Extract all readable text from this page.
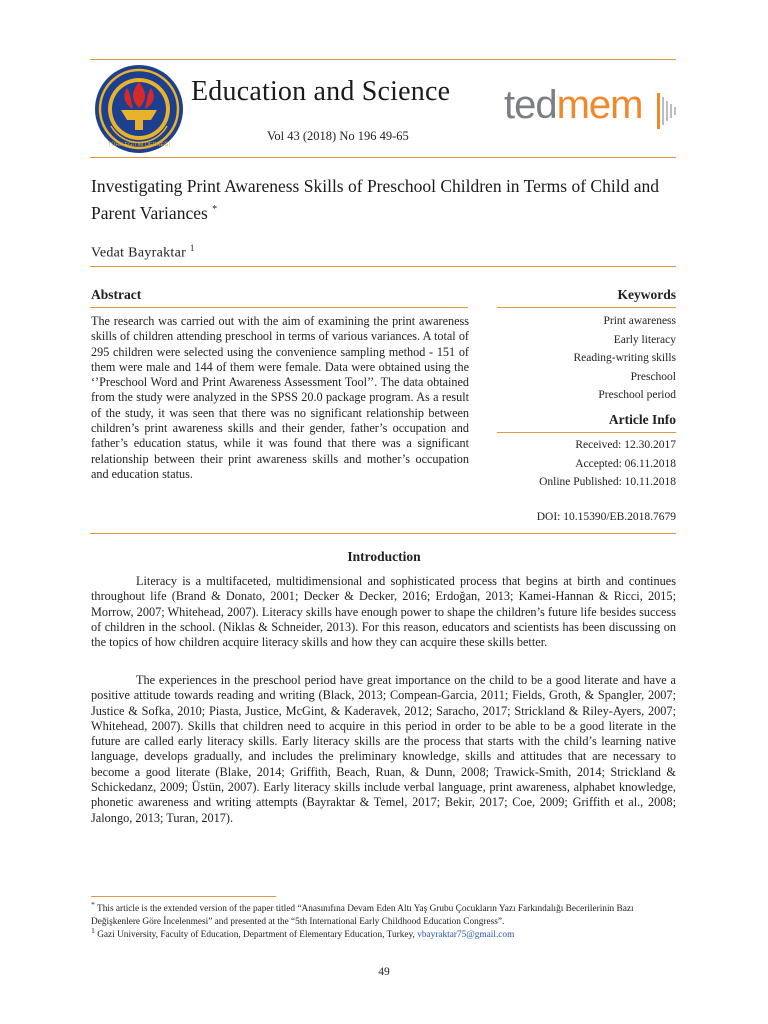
TÜRK EĞİTİM DERNEĞİ
Education and Science tedmem
Vol 43 (2018) No 196 49-65
Investigating Print Awareness Skills of Preschool Children in Terms of Child and Parent Variances *
Vedat Bayraktar $^1$
Abstract

The research was carried out with the aim of examining the print awareness skills of children attending preschool in terms of various variances. A total of 295 children were selected using the convenience sampling method - 151 of them were male and 144 of them were female. Data were obtained using the ‘’Preschool Word and Print Awareness Assessment Tool’’. The data obtained from the study were analyzed in the SPSS 20.0 package program. As a result of the study, it was seen that there was no significant relationship between children’s print awareness skills and their gender, father’s occupation and father’s education status, while it was found that there was a significant relationship between their print awareness skills and mother’s occupation and education status.

Keywords
Print awareness
Early literacy
Reading-writing skills
Preschool
Preschool period
Article Info
Received: 12.30.2017
Accepted: 06.11.2018
Online Published: 10.11.2018
DOI: 10.15390/EB.2018.7679
Introduction

Literacy is a multifaceted, multidimensional and sophisticated process that begins at birth and continues throughout life (Brand & Donato, 2001; Decker & Decker, 2016; Erdoğan, 2013; Kamei-Hannan & Ricci, 2015; Morrow, 2007; Whitehead, 2007). Literacy skills have enough power to shape the children’s future life besides success of children in the school. (Niklas & Schneider, 2013). For this reason, educators and scientists has been discussing on the topics of how children acquire literacy skills and how they can acquire these skills better.

The experiences in the preschool period have great importance on the child to be a good literate and have a positive attitude towards reading and writing (Black, 2013; Compean-Garcia, 2011; Fields, Groth, & Spangler, 2007; Justice & Sofka, 2010; Piasta, Justice, McGint, & Kaderavek, 2012; Saracho, 2017; Strickland & Riley-Ayers, 2007; Whitehead, 2007). Skills that children need to acquire in this period in order to be able to be a good literate in the future are called early literacy skills. Early literacy skills are the process that starts with the child’s learning native language, develops gradually, and includes the preliminary knowledge, skills and attitudes that are necessary to become a good literate (Blake, 2014; Griffith, Beach, Ruan, & Dunn, 2008; Trawick-Smith, 2014; Strickland & Schickedanz, 2009; Üstün, 2007). Early literacy skills include verbal language, print awareness, alphabet knowledge, phonetic awareness and writing attempts (Bayraktar & Temel, 2017; Bekir, 2017; Coe, 2009; Griffith et al., 2008; Jalongo, 2013; Turan, 2017).

* This article is the extended version of the paper titled “Anasınıfına Devam Eden Altı Yaş Grubu Çocukların Yazı Farkındalığı Becerilerinin Bazı Değişkenlere Göre İncelenmesi” and presented at the “5th International Early Childhood Education Congress”.

$^1$ Gazi University, Faculty of Education, Department of Elementary Education, Turkey, vbayraktar75@gmail.com

49
